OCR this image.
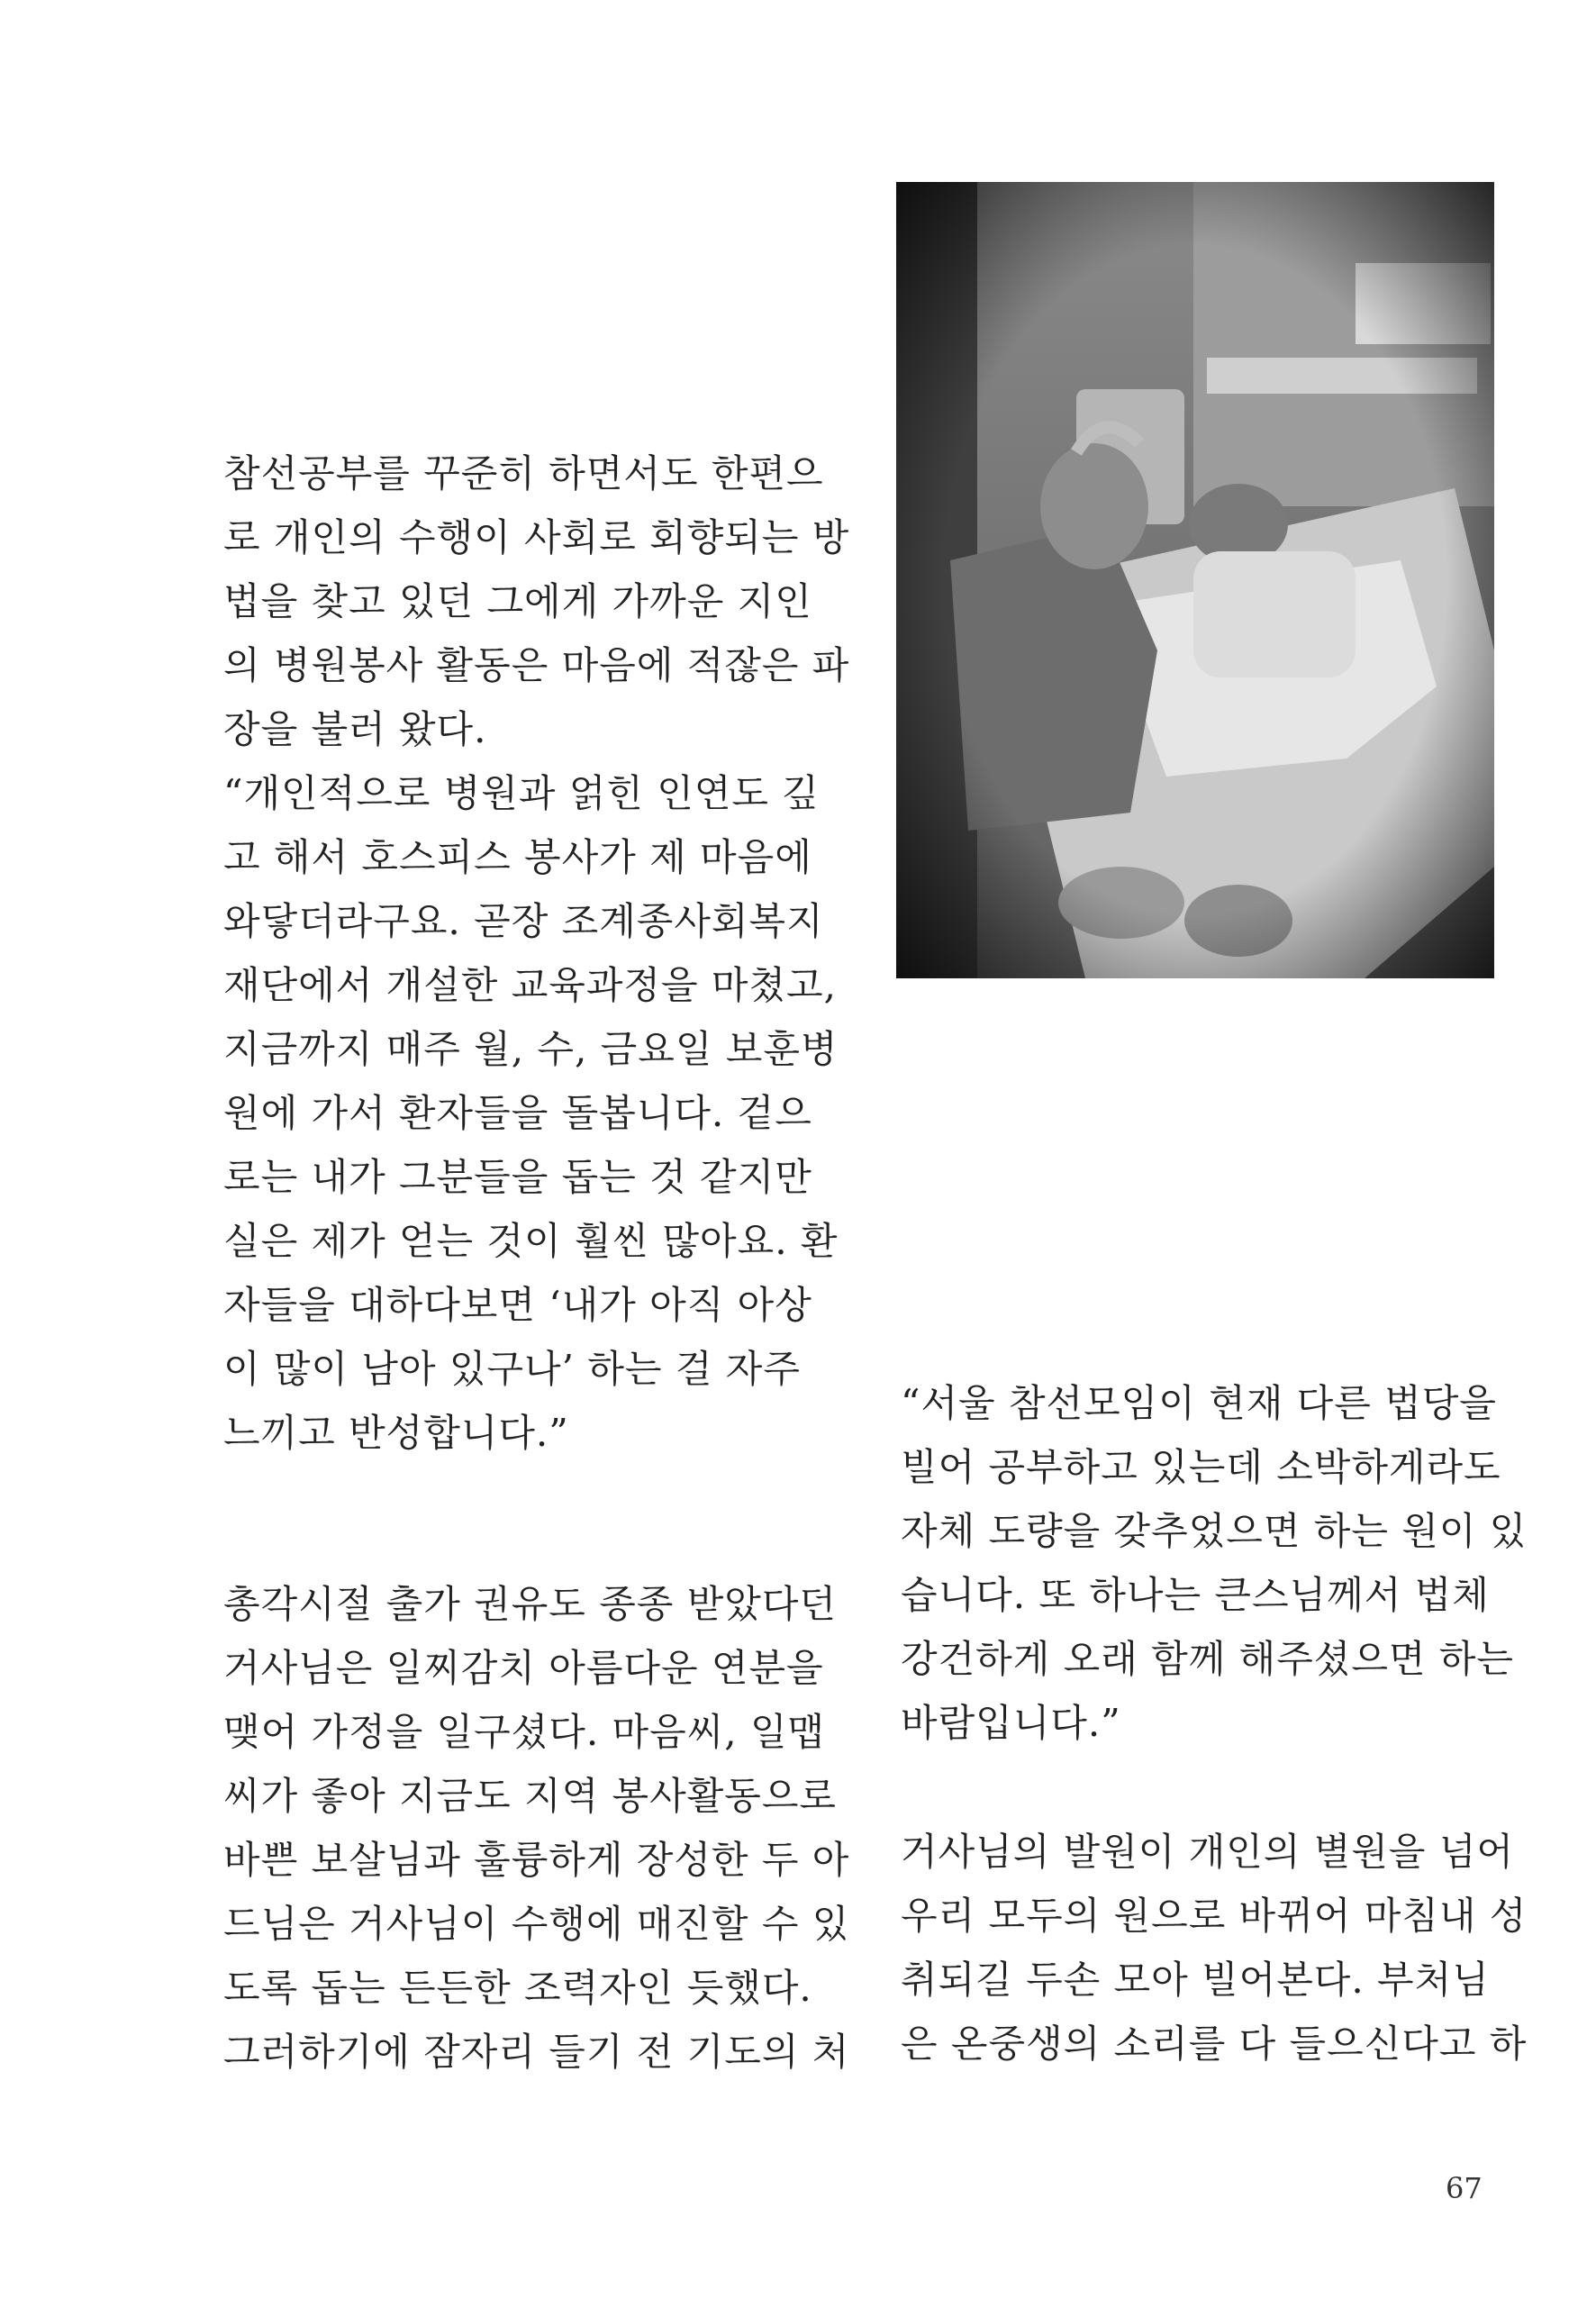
참선공부를 꾸준히 하면서도 한편으

로 개인의 수행이 사회로 회향되는 방

법을 찾고 있던 그에게 가까운 지인

의 병원봉사 활동은 마음에 적잖은 파

장을 불러 왔다.

“개인적으로 병원과 얽힌 인연도 깊

고 해서 호스피스 봉사가 제 마음에

와닿더라구요. 곧장 조계종사회복지

재단에서 개설한 교육과정을 마쳤고,

지금까지 매주 월, 수, 금요일 보훈병

원에 가서 환자들을 돌봅니다. 겉으

로는 내가 그분들을 돕는 것 같지만

실은 제가 얻는 것이 훨씬 많아요. 환

자들을 대하다보면 ‘내가 아직 아상

이 많이 남아 있구나’ 하는 걸 자주

느끼고 반성합니다.”

총각시절 출가 권유도 종종 받았다던

거사님은 일찌감치 아름다운 연분을

맺어 가정을 일구셨다. 마음씨, 일맵

씨가 좋아 지금도 지역 봉사활동으로

바쁜 보살님과 훌륭하게 장성한 두 아

드님은 거사님이 수행에 매진할 수 있

도록 돕는 든든한 조력자인 듯했다.

그러하기에 잠자리 들기 전 기도의 처

“서울 참선모임이 현재 다른 법당을

빌어 공부하고 있는데 소박하게라도

자체 도량을 갖추었으면 하는 원이 있

습니다. 또 하나는 큰스님께서 법체

강건하게 오래 함께 해주셨으면 하는

바람입니다.”

거사님의 발원이 개인의 별원을 넘어

우리 모두의 원으로 바뀌어 마침내 성

취되길 두손 모아 빌어본다. 부처님

은 온중생의 소리를 다 들으신다고 하

67
